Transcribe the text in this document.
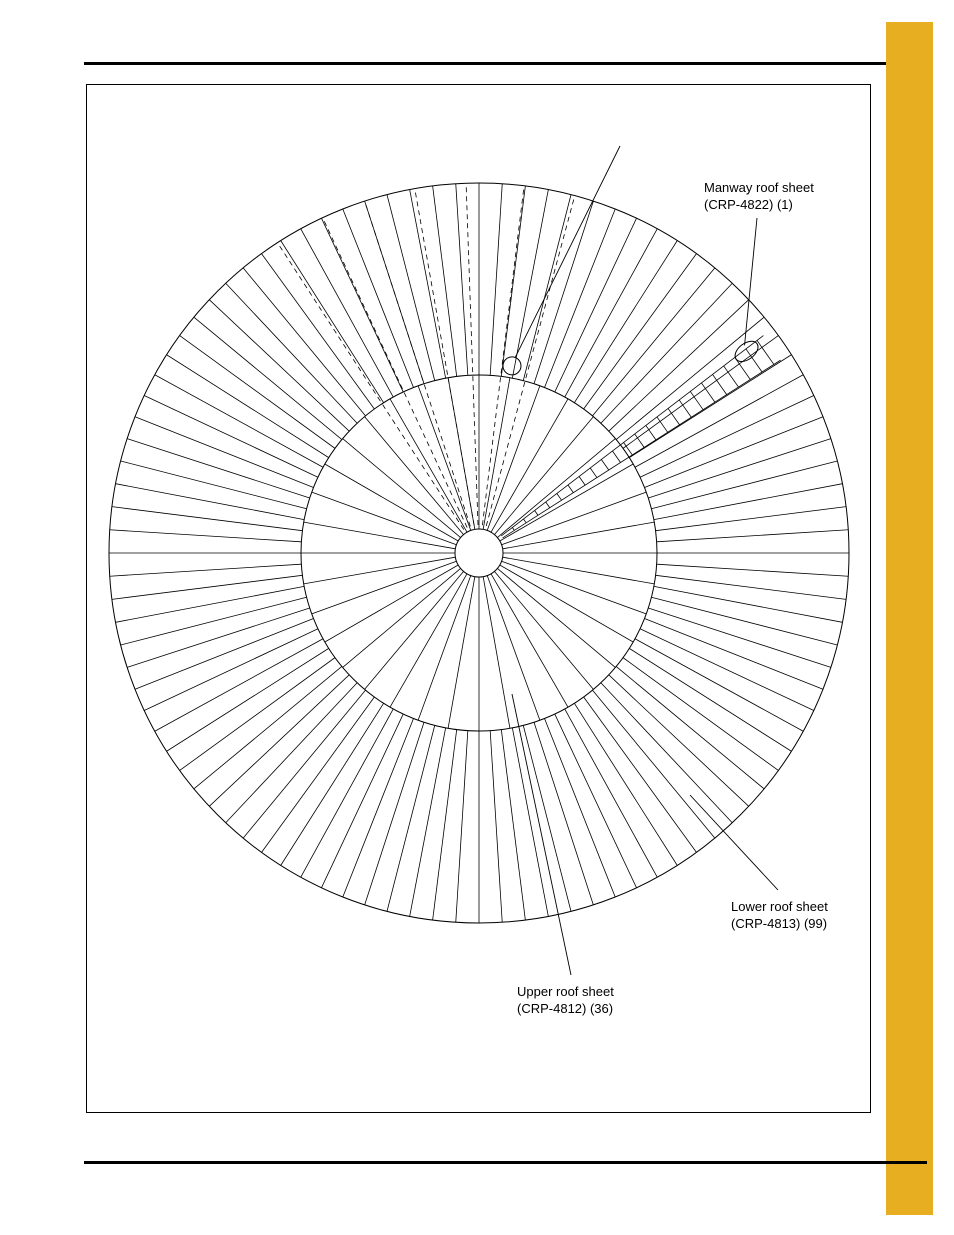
Manway roof sheet
(CRP-4822) (1)
Lower roof sheet
(CRP-4813) (99)
Upper roof sheet
(CRP-4812) (36)
